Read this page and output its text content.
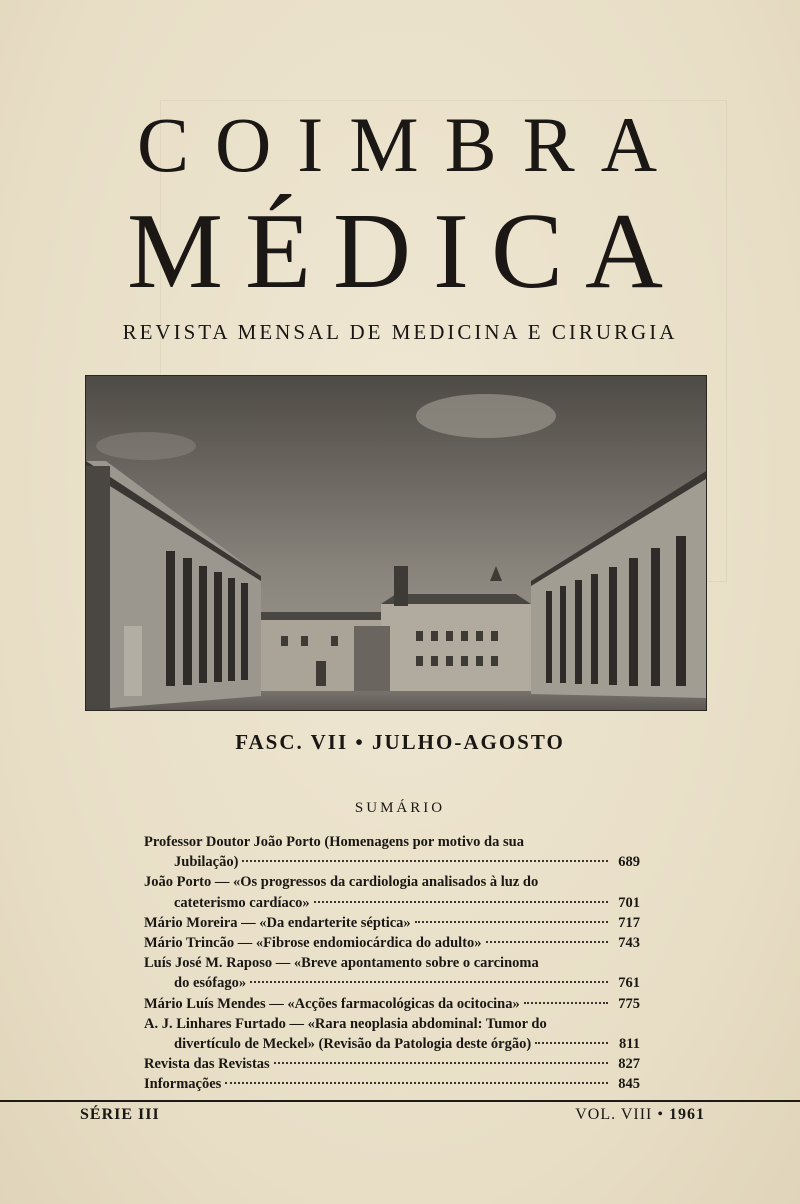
COIMBRA
MÉDICA
REVISTA MENSAL DE MEDICINA E CIRURGIA
FASC. VII • JULHO-AGOSTO
SUMÁRIO
Professor Doutor João Porto (Homenagens por motivo da sua
Jubilação)	689
João Porto — «Os progressos da cardiologia analisados à luz do
cateterismo cardíaco»	701
Mário Moreira — «Da endarterite séptica»	717
Mário Trincão — «Fibrose endomiocárdica do adulto»	743
Luís José M. Raposo — «Breve apontamento sobre o carcinoma
do esófago»	761
Mário Luís Mendes — «Acções farmacológicas da ocitocina»	775
A. J. Linhares Furtado — «Rara neoplasia abdominal: Tumor do
divertículo de Meckel» (Revisão da Patologia deste órgão)	811
Revista das Revistas	827
Informações	845
SÉRIE III	VOL. VIII • 1961
